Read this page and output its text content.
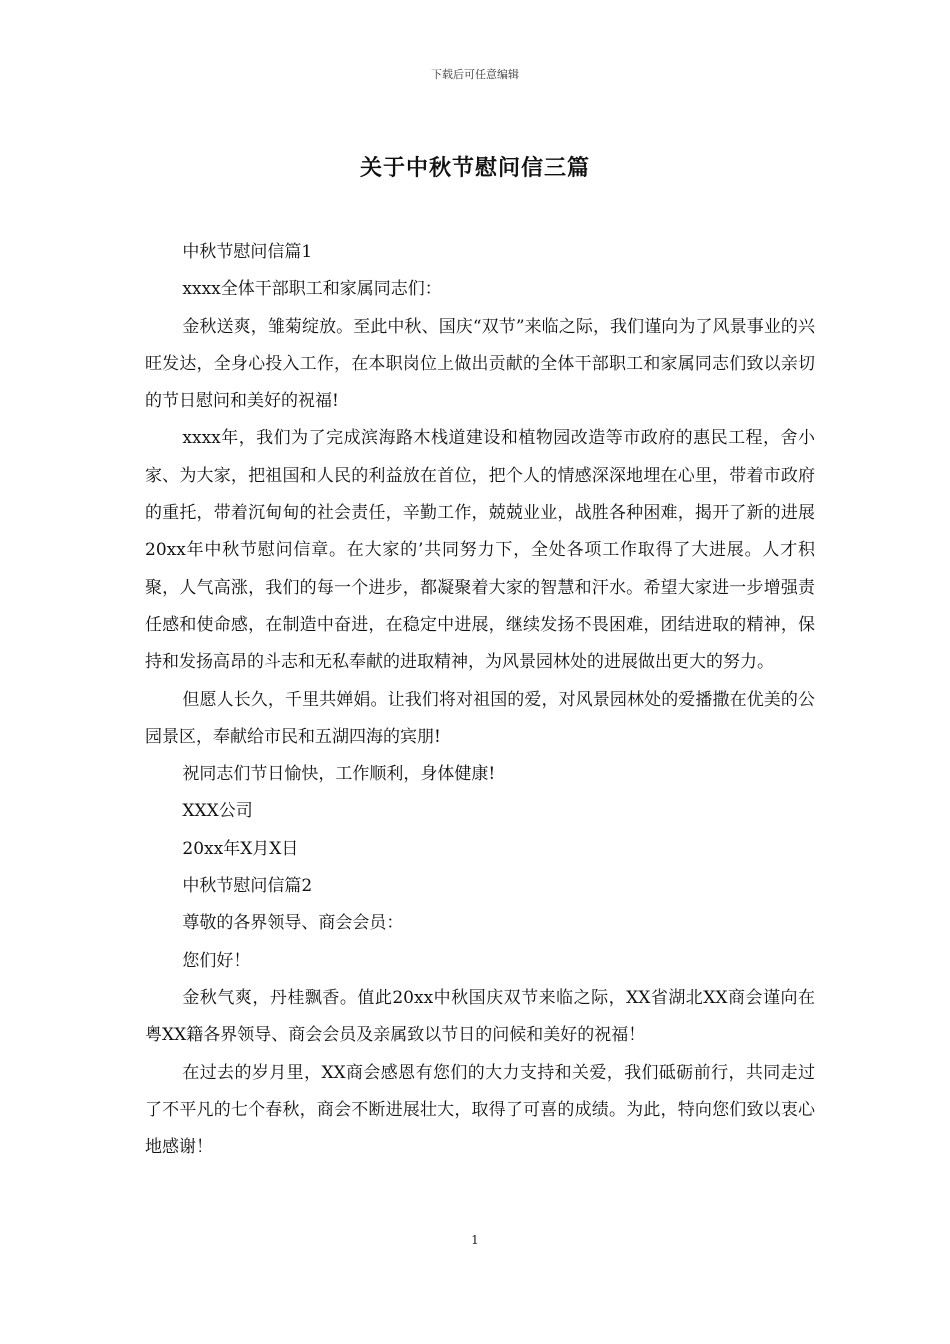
下载后可任意编辑
关于中秋节慰问信三篇

中秋节慰问信篇1

xxxx全体干部职工和家属同志们：

金秋送爽，雏菊绽放。至此中秋、国庆“双节”来临之际，我们谨向为了风景事业的兴旺发达，全身心投入工作，在本职岗位上做出贡献的全体干部职工和家属同志们致以亲切的节日慰问和美好的祝福!

xxxx年，我们为了完成滨海路木栈道建设和植物园改造等市政府的惠民工程，舍小家、为大家，把祖国和人民的利益放在首位，把个人的情感深深地埋在心里，带着市政府的重托，带着沉甸甸的社会责任，辛勤工作，兢兢业业，战胜各种困难，揭开了新的进展20xx年中秋节慰问信章。在大家的’共同努力下，全处各项工作取得了大进展。人才积聚，人气高涨，我们的每一个进步，都凝聚着大家的智慧和汗水。希望大家进一步增强责任感和使命感，在制造中奋进，在稳定中进展，继续发扬不畏困难，团结进取的精神，保持和发扬高昂的斗志和无私奉献的进取精神，为风景园林处的进展做出更大的努力。

但愿人长久，千里共婵娟。让我们将对祖国的爱，对风景园林处的爱播撒在优美的公园景区，奉献给市民和五湖四海的宾朋!

祝同志们节日愉快，工作顺利，身体健康!

XXX公司

20xx年X月X日

中秋节慰问信篇2

尊敬的各界领导、商会会员：

您们好！

金秋气爽，丹桂飘香。值此20xx中秋国庆双节来临之际，XX省湖北XX商会谨向在粤XX籍各界领导、商会会员及亲属致以节日的问候和美好的祝福！

在过去的岁月里，XX商会感恩有您们的大力支持和关爱，我们砥砺前行，共同走过了不平凡的七个春秋，商会不断进展壮大，取得了可喜的成绩。为此，特向您们致以衷心地感谢！

1
